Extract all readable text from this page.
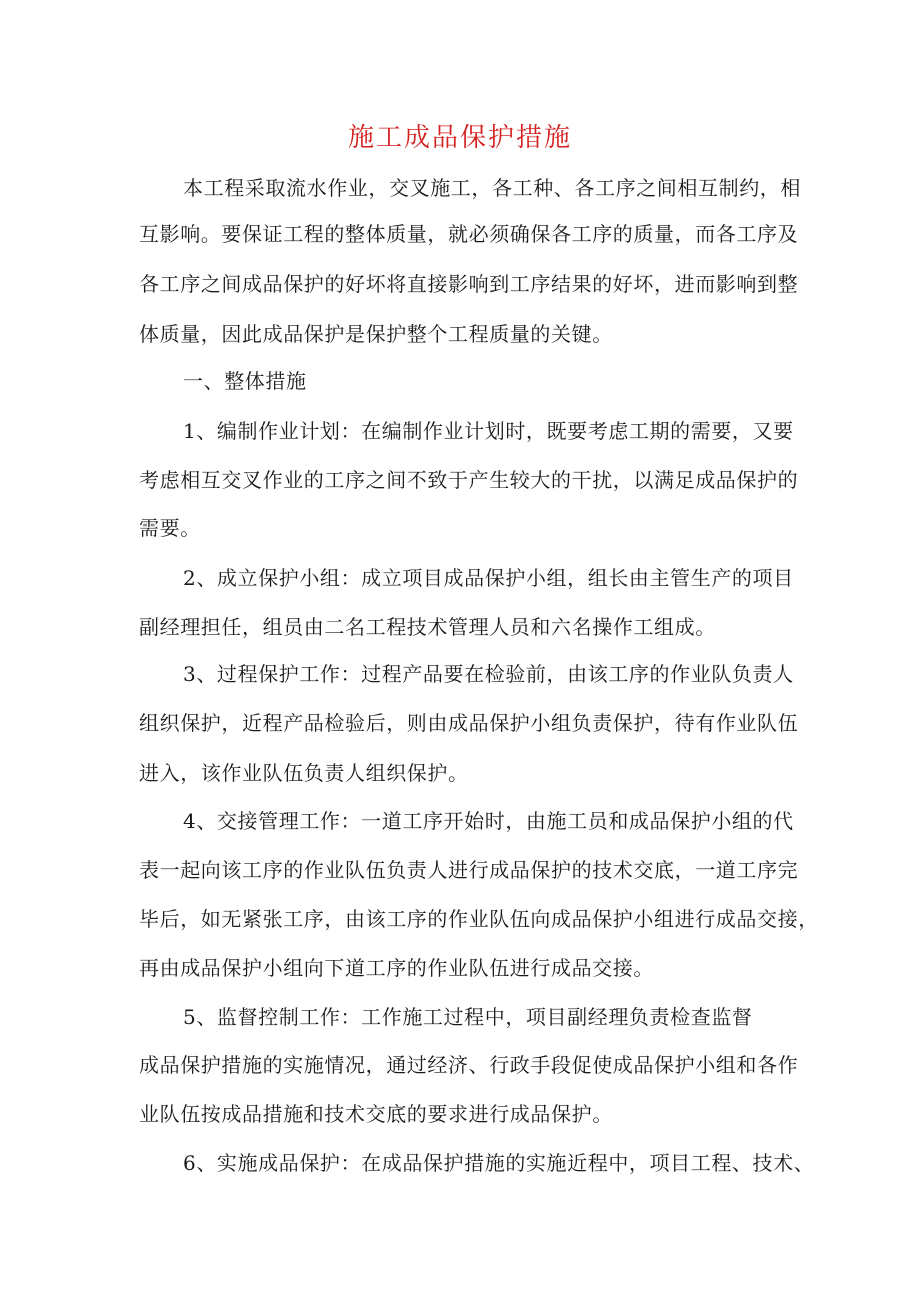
施工成品保护措施
本工程采取流水作业，交叉施工，各工种、各工序之间相互制约，相
互影响。要保证工程的整体质量，就必须确保各工序的质量，而各工序及
各工序之间成品保护的好坏将直接影响到工序结果的好坏，进而影响到整
体质量，因此成品保护是保护整个工程质量的关键。
一、整体措施
1、编制作业计划：在编制作业计划时，既要考虑工期的需要，又要
考虑相互交叉作业的工序之间不致于产生较大的干扰，以满足成品保护的
需要。
2、成立保护小组：成立项目成品保护小组，组长由主管生产的项目
副经理担任，组员由二名工程技术管理人员和六名操作工组成。
3、过程保护工作：过程产品要在检验前，由该工序的作业队负责人
组织保护，近程产品检验后，则由成品保护小组负责保护，待有作业队伍
进入，该作业队伍负责人组织保护。
4、交接管理工作：一道工序开始时，由施工员和成品保护小组的代
表一起向该工序的作业队伍负责人进行成品保护的技术交底，一道工序完
毕后，如无紧张工序，由该工序的作业队伍向成品保护小组进行成品交接，
再由成品保护小组向下道工序的作业队伍进行成品交接。
5、监督控制工作：工作施工过程中，项目副经理负责检查监督
成品保护措施的实施情况，通过经济、行政手段促使成品保护小组和各作
业队伍按成品措施和技术交底的要求进行成品保护。
6、实施成品保护：在成品保护措施的实施近程中，项目工程、技术、
